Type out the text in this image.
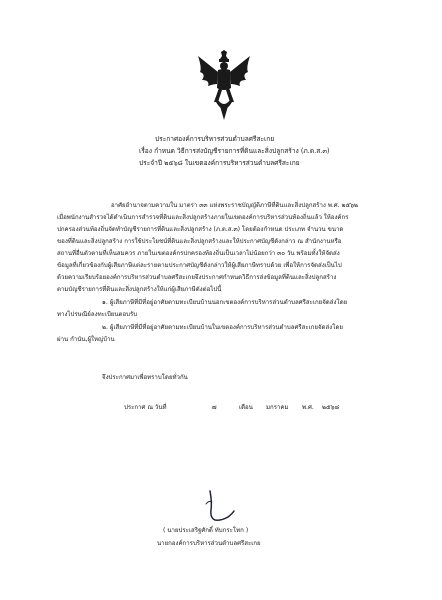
ประกาศองค์การบริหารส่วนตำบลศรีสะเกย
เรื่อง กำหนด วิธีการส่งบัญชีรายการที่ดินและสิ่งปลูกสร้าง (ภ.ด.ส.๓)
ประจำปี ๒๕๖๘ ในเขตองค์การบริหารส่วนตำบลศรีสะเกย
อาศัยอำนาจตามความใน มาตรา ๓๓ แห่งพระราชบัญญัติภาษีที่ดินและสิ่งปลูกสร้าง พ.ศ. ๒๕๖๒
เมื่อพนักงานสำรวจได้ดำเนินการสำรวจที่ดินและสิ่งปลูกสร้างภายในเขตองค์การบริหารส่วนท้องถิ่นแล้ว ให้องค์กร
ปกครองส่วนท้องถิ่นจัดทำบัญชีรายการที่ดินและสิ่งปลูกสร้าง (ภ.ด.ส.๓) โดยต้องกำหนด ประเภท จำนวน ขนาด
ของที่ดินและสิ่งปลูกสร้าง การใช้ประโยชน์ที่ดินและสิ่งปลูกสร้างและให้ประกาศบัญชีดังกล่าว ณ สำนักงานหรือ
สถานที่อื่นตัวตามที่เห็นสมควร ภายในเขตองค์กรปกครองท้องถิ่นเป็นเวลาไม่น้อยกว่า ๓๐ วัน พร้อมทั้งให้จัดส่ง
ข้อมูลที่เกี่ยวข้องกับผู้เสียภาษีแต่ละรายตามประกาศบัญชีดังกล่าวให้ผู้เสียภาษีทราบด้วย เพื่อให้การจัดส่งเป็นไป
ด้วยความเรียบร้อยองค์การบริหารส่วนตำบลศรีสะเกยจึงประกาศกำหนดวิธีการส่งข้อมูลที่ดินและสิ่งปลูกสร้าง
ตามบัญชีรายการที่ดินและสิ่งปลูกสร้างให้แก่ผู้เสียภาษีดังต่อไปนี้
๑. ผู้เสียภาษีที่มีที่อยู่อาศัยตามทะเบียนบ้านนอกเขตองค์การบริหารส่วนตำบลศรีสะเกยจัดส่งโดย
ทางไปรษณีย์ลงทะเบียนตอบรับ
๒. ผู้เสียภาษีที่มีที่อยู่อาศัยตามทะเบียนบ้านในเขตองค์การบริหารส่วนตำบลศรีสะเกยจัดส่งโดย
ผ่าน กำนัน,ผู้ใหญ่บ้าน
จึงประกาศมาเพื่อทราบโดยทั่วกัน
ประกาศ ณ วันที่	๗	เดือน มกราคม พ.ศ. ๒๕๖๘
( นายประเสริฐศักดิ์ ทับกระโทก )
นายกองค์การบริหารส่วนตำบลศรีสะเกย
